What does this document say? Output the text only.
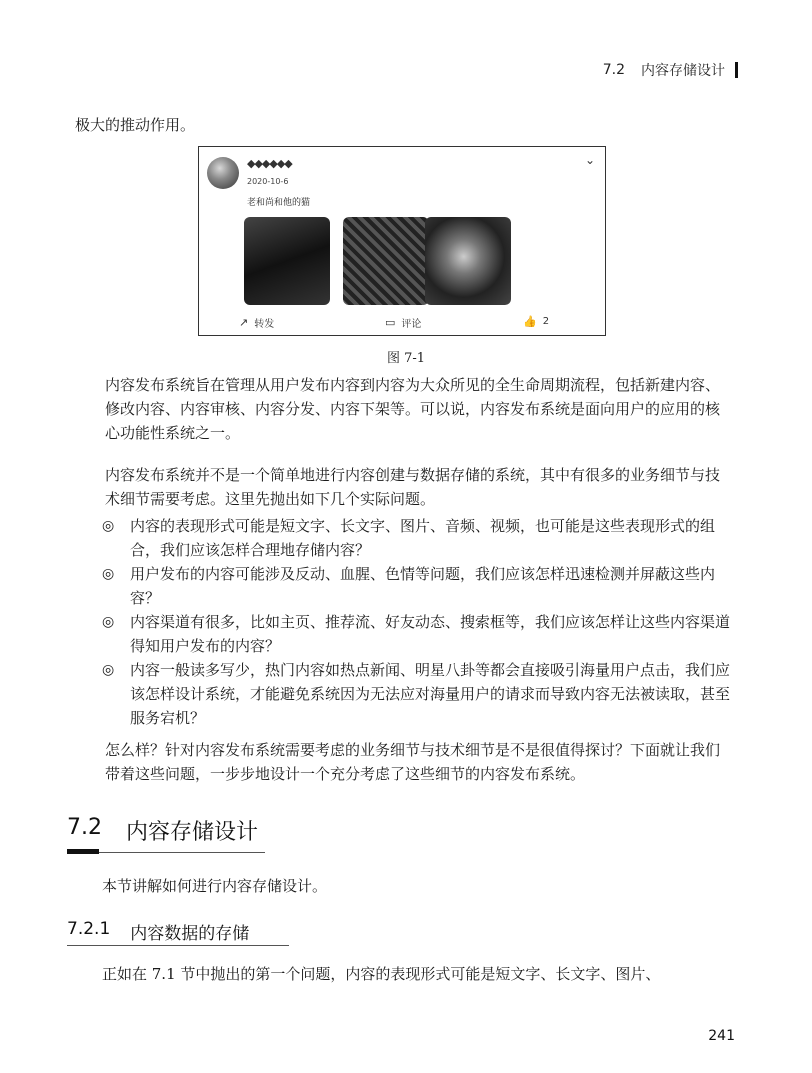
7.2 内容存储设计
极大的推动作用。
◆◆◆◆◆◆
2020-10-6
老和尚和他的猫
⌄
↗ 转发	▭ 评论	👍 2
图 7-1

内容发布系统旨在管理从用户发布内容到内容为大众所见的全生命周期流程，包括新建内容、修改内容、内容审核、内容分发、内容下架等。可以说，内容发布系统是面向用户的应用的核心功能性系统之一。

内容发布系统并不是一个简单地进行内容创建与数据存储的系统，其中有很多的业务细节与技术细节需要考虑。这里先抛出如下几个实际问题。

◎ 内容的表现形式可能是短文字、长文字、图片、音频、视频，也可能是这些表现形式的组合，我们应该怎样合理地存储内容？
◎ 用户发布的内容可能涉及反动、血腥、色情等问题，我们应该怎样迅速检测并屏蔽这些内容？
◎ 内容渠道有很多，比如主页、推荐流、好友动态、搜索框等，我们应该怎样让这些内容渠道得知用户发布的内容？
◎ 内容一般读多写少，热门内容如热点新闻、明星八卦等都会直接吸引海量用户点击，我们应该怎样设计系统，才能避免系统因为无法应对海量用户的请求而导致内容无法被读取，甚至服务宕机？

怎么样？针对内容发布系统需要考虑的业务细节与技术细节是不是很值得探讨？下面就让我们带着这些问题，一步步地设计一个充分考虑了这些细节的内容发布系统。

7.2 内容存储设计
本节讲解如何进行内容存储设计。
7.2.1 内容数据的存储
正如在 7.1 节中抛出的第一个问题，内容的表现形式可能是短文字、长文字、图片、
241
